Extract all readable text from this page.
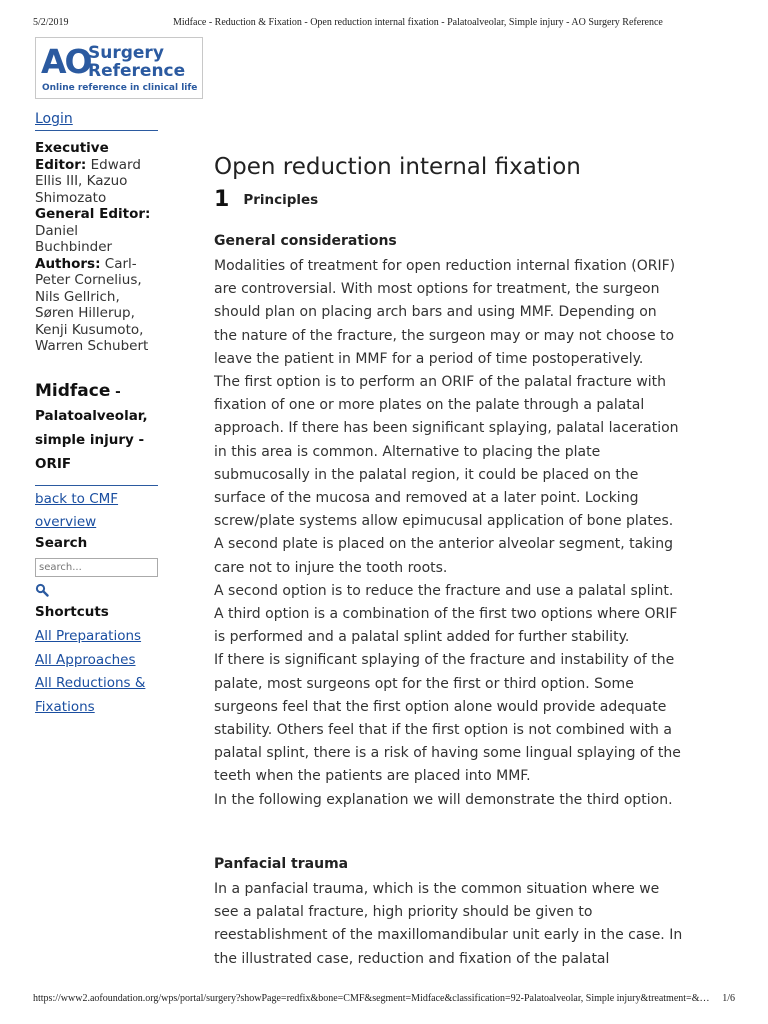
5/2/2019	Midface - Reduction & Fixation - Open reduction internal fixation - Palatoalveolar, Simple injury - AO Surgery Reference
AO
Surgery
Reference
Online reference in clinical life
Login
Executive Editor: Edward Ellis III, Kazuo Shimozato
General Editor: Daniel Buchbinder
Authors: Carl-Peter Cornelius, Nils Gellrich, Søren Hillerup, Kenji Kusumoto, Warren Schubert
Midface - Palatoalveolar, simple injury - ORIF
back to CMF overview
Search
search...
Shortcuts
All Preparations
All Approaches
All Reductions & Fixations
Open reduction internal fixation
1 Principles
General considerations

Modalities of treatment for open reduction internal fixation (ORIF) are controversial. With most options for treatment, the surgeon should plan on placing arch bars and using MMF. Depending on the nature of the fracture, the surgeon may or may not choose to leave the patient in MMF for a period of time postoperatively.

The first option is to perform an ORIF of the palatal fracture with fixation of one or more plates on the palate through a palatal approach. If there has been significant splaying, palatal laceration in this area is common. Alternative to placing the plate submucosally in the palatal region, it could be placed on the surface of the mucosa and removed at a later point. Locking screw/plate systems allow epimucusal application of bone plates. A second plate is placed on the anterior alveolar segment, taking care not to injure the tooth roots.

A second option is to reduce the fracture and use a palatal splint.

A third option is a combination of the first two options where ORIF is performed and a palatal splint added for further stability.

If there is significant splaying of the fracture and instability of the palate, most surgeons opt for the first or third option. Some surgeons feel that the first option alone would provide adequate stability. Others feel that if the first option is not combined with a palatal splint, there is a risk of having some lingual splaying of the teeth when the patients are placed into MMF.

In the following explanation we will demonstrate the third option.

Panfacial trauma

In a panfacial trauma, which is the common situation where we see a palatal fracture, high priority should be given to reestablishment of the maxillomandibular unit early in the case. In the illustrated case, reduction and fixation of the palatal

https://www2.aofoundation.org/wps/portal/surgery?showPage=redfix&bone=CMF&segment=Midface&classification=92-Palatoalveolar, Simple injury&treatment=&…	1/6
